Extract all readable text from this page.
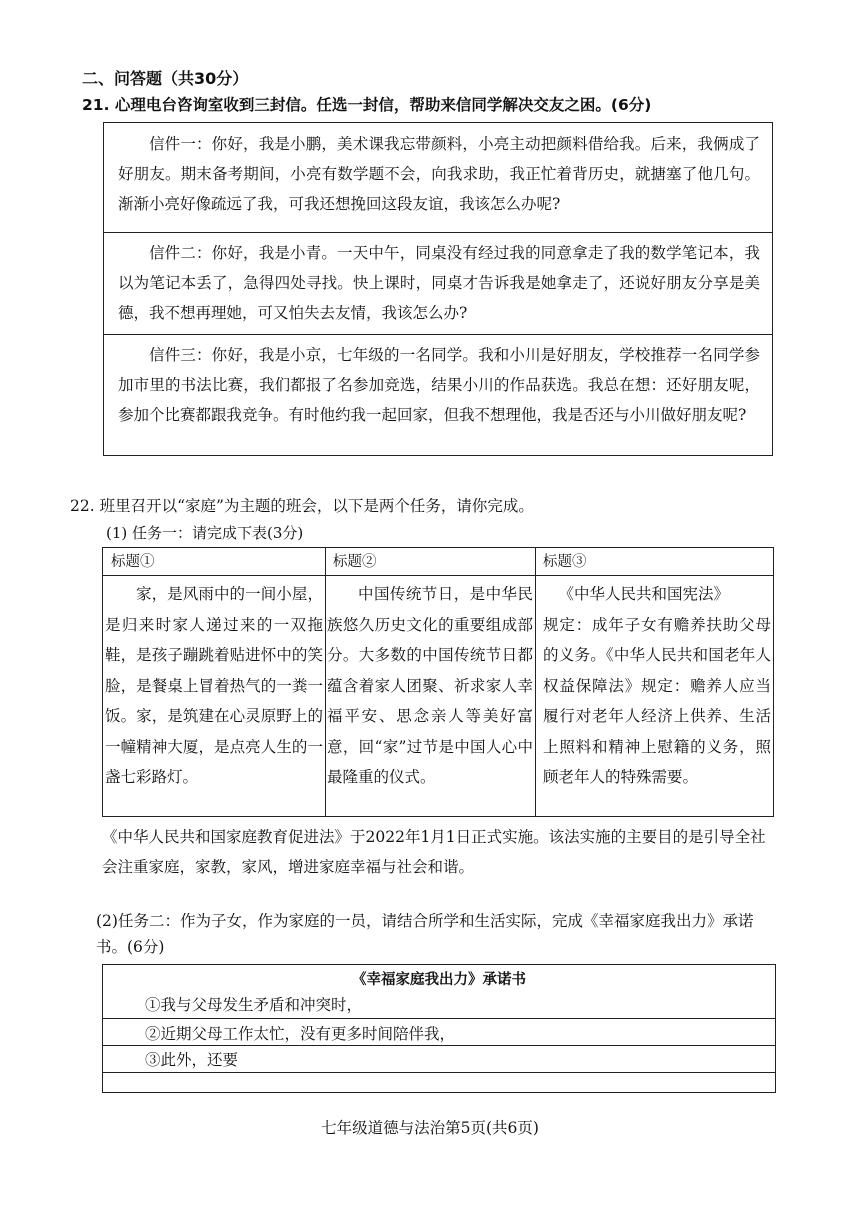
二、问答题（共30分）
21. 心理电台咨询室收到三封信。任选一封信，帮助来信同学解决交友之困。(6分)
信件一：你好，我是小鹏，美术课我忘带颜料，小亮主动把颜料借给我。后来，我俩成了好朋友。期末备考期间，小亮有数学题不会，向我求助，我正忙着背历史，就搪塞了他几句。渐渐小亮好像疏远了我，可我还想挽回这段友谊，我该怎么办呢?
信件二：你好，我是小青。一天中午，同桌没有经过我的同意拿走了我的数学笔记本，我以为笔记本丢了，急得四处寻找。快上课时，同桌才告诉我是她拿走了，还说好朋友分享是美德，我不想再理她，可又怕失去友情，我该怎么办?
信件三：你好，我是小京，七年级的一名同学。我和小川是好朋友，学校推荐一名同学参加市里的书法比赛，我们都报了名参加竞选，结果小川的作品获选。我总在想：还好朋友呢，参加个比赛都跟我竞争。有时他约我一起回家，但我不想理他，我是否还与小川做好朋友呢?
22. 班里召开以“家庭”为主题的班会，以下是两个任务，请你完成。
(1) 任务一：请完成下表(3分)
标题①	标题②	标题③
家，是风雨中的一间小屋，是归来时家人递过来的一双拖鞋，是孩子蹦跳着贴进怀中的笑脸，是餐桌上冒着热气的一粪一饭。家，是筑建在心灵原野上的一幢精神大厦，是点亮人生的一盏七彩路灯。
中国传统节日，是中华民族悠久历史文化的重要组成部分。大多数的中国传统节日都蕴含着家人团聚、祈求家人幸福平安、思念亲人等美好富意，回“家”过节是中国人心中最隆重的仪式。
《中华人民共和国宪法》
规定：成年子女有赡养扶助父母的义务。《中华人民共和国老年人权益保障法》规定：赡养人应当履行对老年人经济上供养、生活上照料和精神上慰籍的义务，照顾老年人的特殊需要。
《中华人民共和国家庭教育促进法》于2022年1月1日正式实施。该法实施的主要目的是引导全社会注重家庭，家教，家风，增进家庭幸福与社会和谐。
(2)任务二：作为子女，作为家庭的一员，请结合所学和生活实际，完成《幸福家庭我出力》承诺书。(6分)
《幸福家庭我出力》承诺书
①我与父母发生矛盾和冲突时，
②近期父母工作太忙，没有更多时间陪伴我，
③此外，还要
七年级道德与法治第5页(共6页)
